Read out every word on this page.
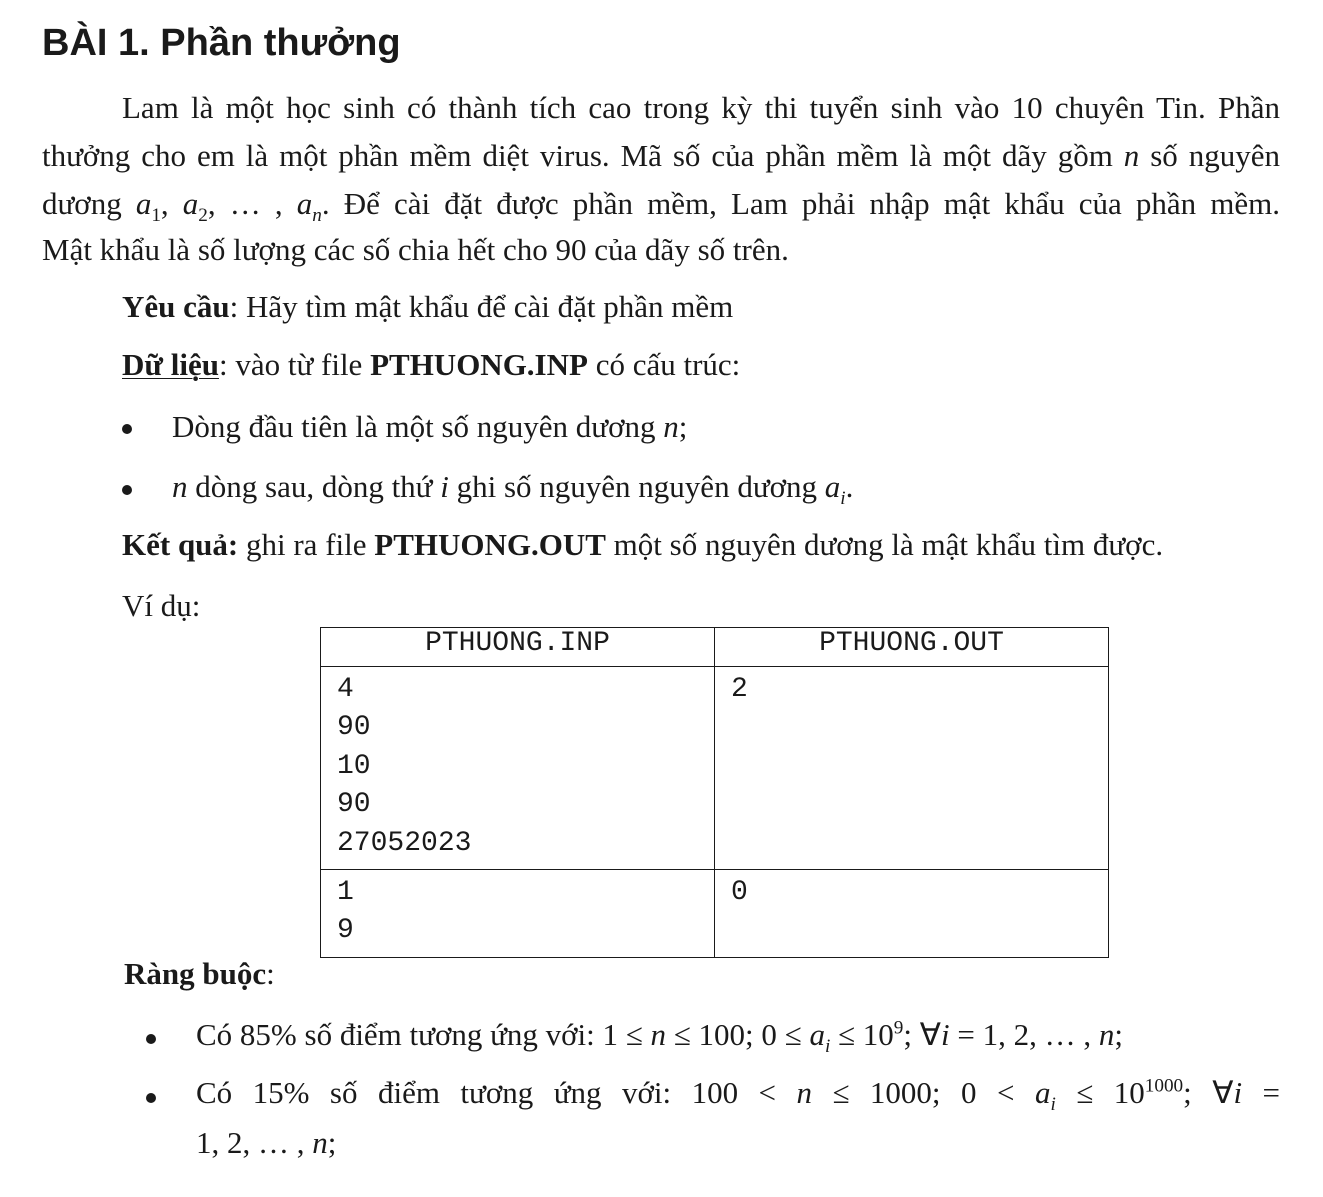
BÀI 1. Phần thưởng
Lam là một học sinh có thành tích cao trong kỳ thi tuyển sinh vào 10 chuyên Tin. Phần
thưởng cho em là một phần mềm diệt virus. Mã số của phần mềm là một dãy gồm n số nguyên
dương $a_1$, $a_2$, … , $a_n$. Để cài đặt được phần mềm, Lam phải nhập mật khẩu của phần mềm.
Mật khẩu là số lượng các số chia hết cho 90 của dãy số trên.
Yêu cầu: Hãy tìm mật khẩu để cài đặt phần mềm
Dữ liệu: vào từ file PTHUONG.INP có cấu trúc:
Dòng đầu tiên là một số nguyên dương n;
n dòng sau, dòng thứ i ghi số nguyên nguyên dương $a_i$.
Kết quả: ghi ra file PTHUONG.OUT một số nguyên dương là mật khẩu tìm được.
Ví dụ:
PTHUONG.INP	PTHUONG.OUT

4
90
10
90
27052023	2

1
9	0
Ràng buộc:
Có 85% số điểm tương ứng với: 1 ≤ n ≤ 100; $0 \le a_i \le 10^9$; ∀i = 1, 2, … , n;
Có 15% số điểm tương ứng với: 100 < n ≤ 1000; $0 < a_i \le 10^{1000}$; ∀i =
1, 2, … , n;
